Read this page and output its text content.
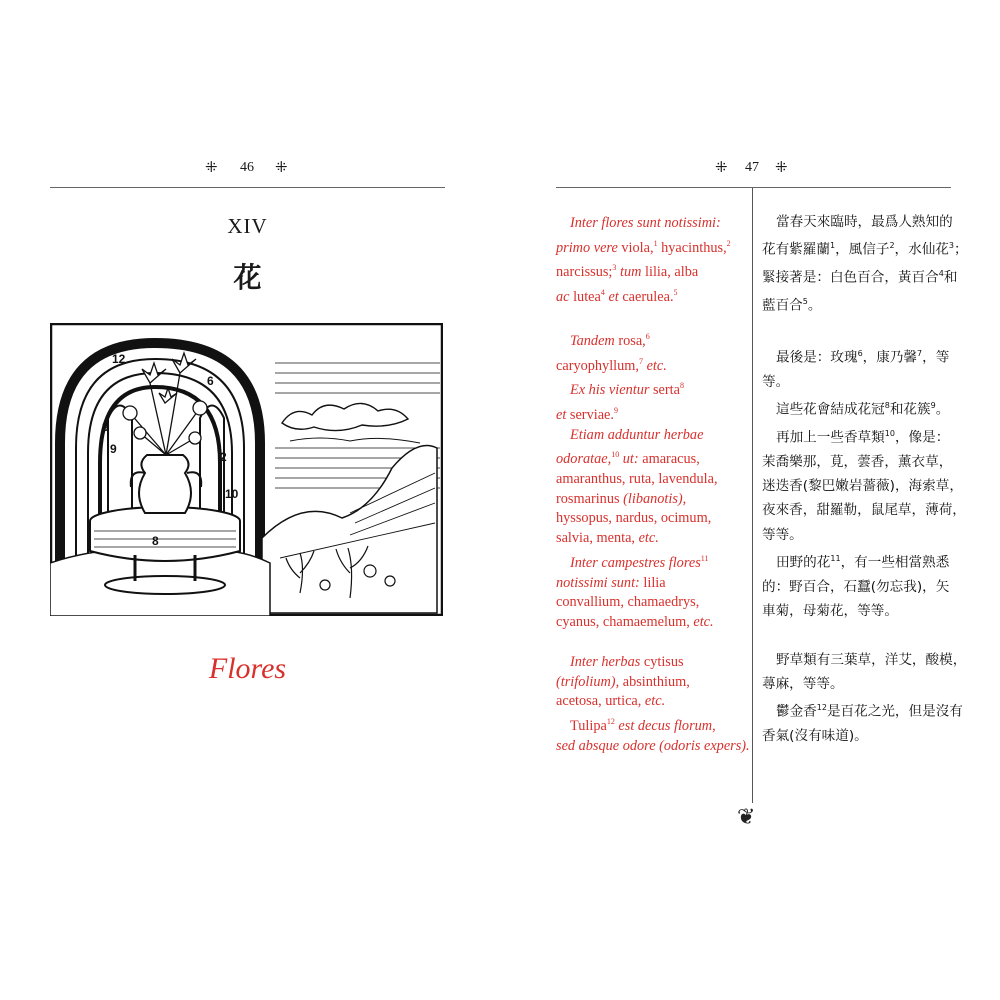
⁜ 46 ⁜
XIV
花
12
6
3
2
9
10
8
Flores
⁜ 47 ⁜

Inter flores sunt notissimi:
primo vere viola,$^1$ hyacinthus,$^2$
narcissus;$^3$ tum lilia, alba
ac lutea$^4$ et caerulea.$^5$

Tandem rosa,$^6$
caryophyllum,$^7$ etc.
Ex his vientur serta$^8$
et serviae.$^9$
Etiam adduntur herbae
odoratae,$^{10}$ ut: amaracus,
amaranthus, ruta, lavendula,
rosmarinus (libanotis),
hyssopus, nardus, ocimum,
salvia, menta, etc.
Inter campestres flores$^{11}$
notissimi sunt: lilia
convallium, chamaedrys,
cyanus, chamaemelum, etc.

Inter herbas cytisus
(trifolium), absinthium,
acetosa, urtica, etc.
Tulipa$^{12}$ est decus florum,
sed absque odore (odoris expers).

❦

當春天來臨時，最爲人熟知的
花有紫羅蘭$^1$，風信子$^2$，水仙花$^3$；
緊接著是：白色百合，黃百合$^4$和
藍百合$^5$。

最後是：玫瑰$^6$，康乃馨$^7$，等
等。
這些花會結成花冠$^8$和花簇$^9$。
再加上一些香草類$^{10}$，像是：
茉喬樂那，莧，蕓香，薰衣草，
迷迭香(黎巴嫩岩薔薇)，海索草，
夜來香，甜羅勒，鼠尾草，薄荷，
等等。
田野的花$^{11}$，有一些相當熟悉
的：野百合，石蠶(勿忘我)，矢
車菊，母菊花，等等。

野草類有三葉草，洋艾，酸模，
蕁麻，等等。
鬱金香$^{12}$是百花之光，但是沒有
香氣(沒有味道)。
